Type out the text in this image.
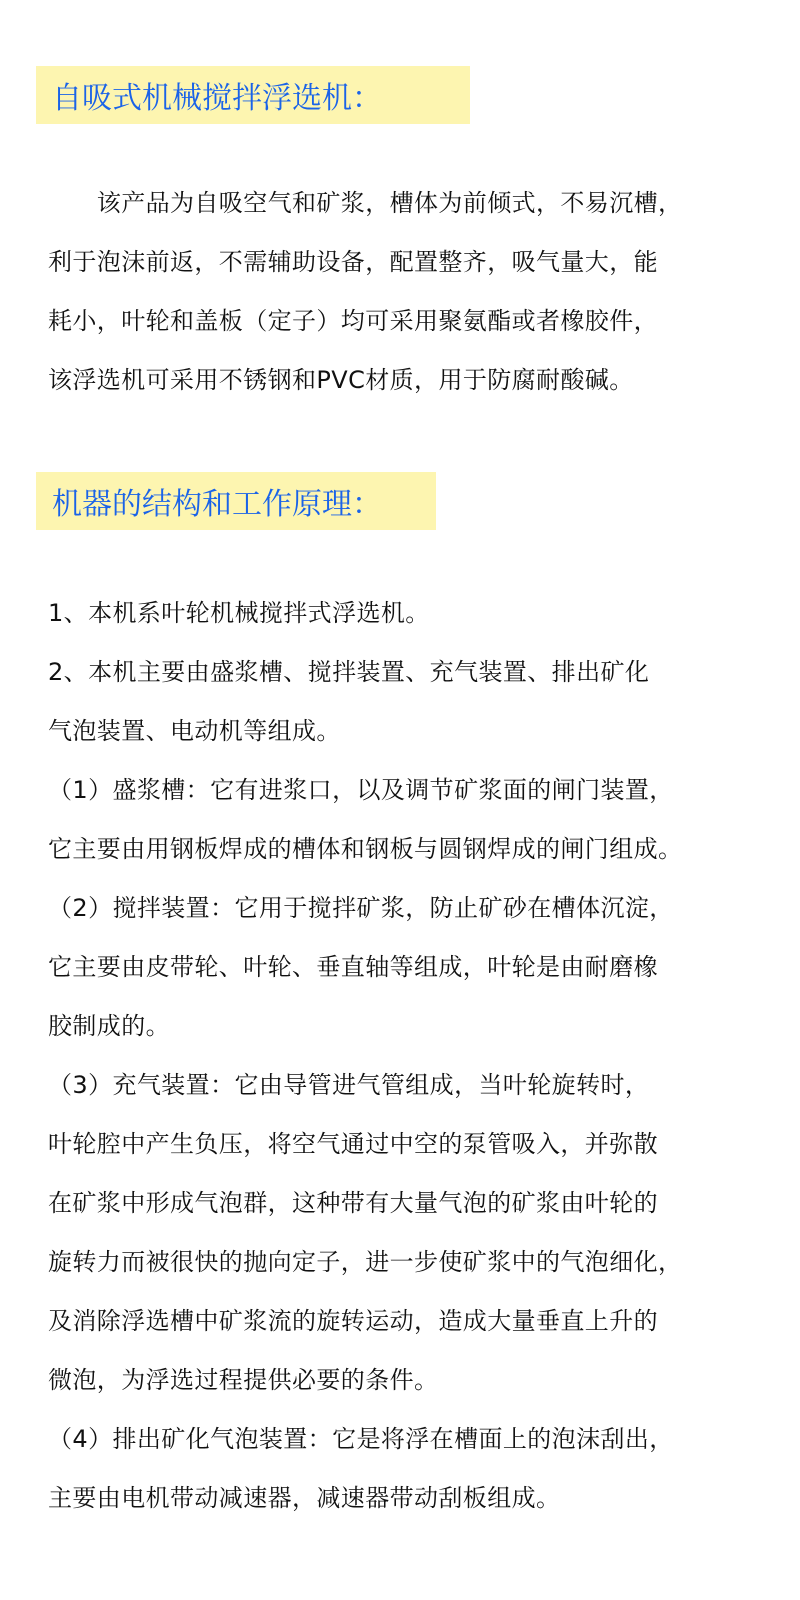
自吸式机械搅拌浮选机：
　　该产品为自吸空气和矿浆，槽体为前倾式，不易沉槽，
利于泡沫前返，不需辅助设备，配置整齐，吸气量大，能
耗小，叶轮和盖板（定子）均可采用聚氨酯或者橡胶件，
该浮选机可采用不锈钢和PVC材质，用于防腐耐酸碱。
机器的结构和工作原理：
1、本机系叶轮机械搅拌式浮选机。
2、本机主要由盛浆槽、搅拌装置、充气装置、排出矿化
气泡装置、电动机等组成。
（1）盛浆槽：它有进浆口，以及调节矿浆面的闸门装置，
它主要由用钢板焊成的槽体和钢板与圆钢焊成的闸门组成。
（2）搅拌装置：它用于搅拌矿浆，防止矿砂在槽体沉淀，
它主要由皮带轮、叶轮、垂直轴等组成，叶轮是由耐磨橡
胶制成的。
（3）充气装置：它由导管进气管组成，当叶轮旋转时，
叶轮腔中产生负压，将空气通过中空的泵管吸入，并弥散
在矿浆中形成气泡群，这种带有大量气泡的矿浆由叶轮的
旋转力而被很快的抛向定子，进一步使矿浆中的气泡细化，
及消除浮选槽中矿浆流的旋转运动，造成大量垂直上升的
微泡，为浮选过程提供必要的条件。
（4）排出矿化气泡装置：它是将浮在槽面上的泡沫刮出，
主要由电机带动减速器，减速器带动刮板组成。
